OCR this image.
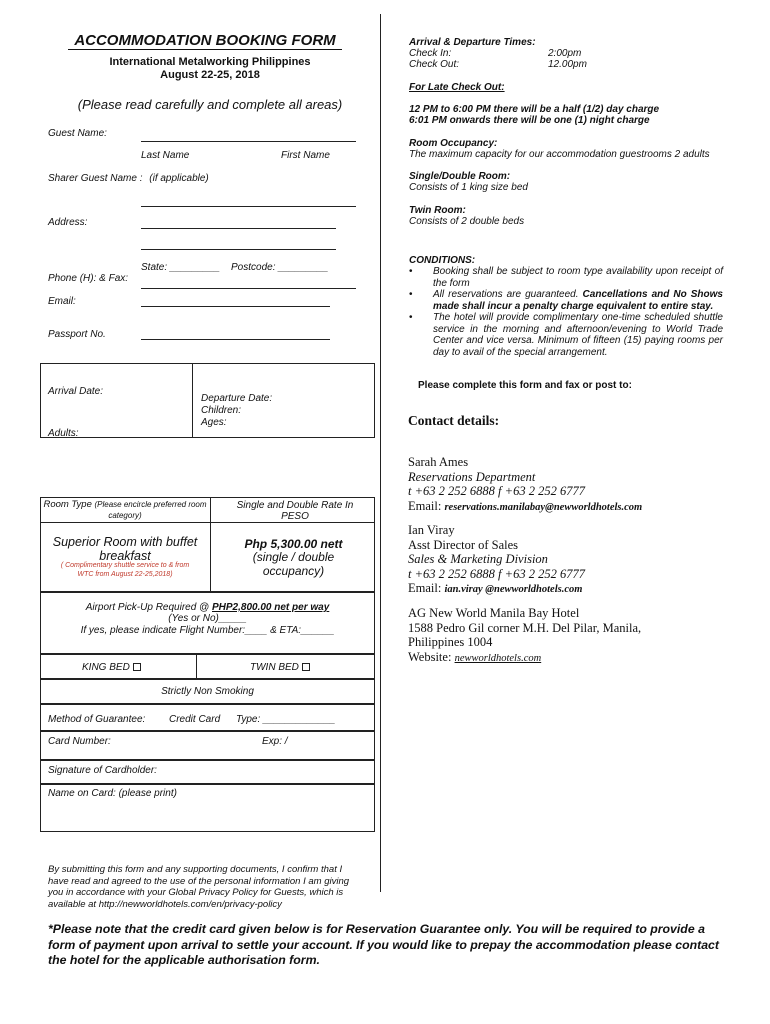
ACCOMMODATION BOOKING FORM
International Metalworking Philippines
August 22-25, 2018
(Please read carefully and complete all areas)
Guest Name:
Last Name	First Name
Sharer Guest Name : (if applicable)
Address:
State: _________ Postcode: _________
Phone (H): & Fax:
Email:
Passport No.
Arrival Date:
Adults:
Departure Date:
Children:
Ages:
Room Type (Please encircle preferred room category)
Single and Double Rate In PESO
Superior Room with buffet breakfast
( Complimentary shuttle service to & from WTC from August 22-25,2018)
Php 5,300.00 nett
(single / double occupancy)
Airport Pick-Up Required @ PHP2,800.00 net per way
(Yes or No)_____
If yes, please indicate Flight Number:____ & ETA:______
KING BED	TWIN BED
Strictly Non Smoking
Method of Guarantee: Credit Card Type: _____________
Card Number:	Exp: /
Signature of Cardholder:
Name on Card: (please print)
By submitting this form and any supporting documents, I confirm that I have read and agreed to the use of the personal information I am giving you in accordance with your Global Privacy Policy for Guests, which is available at http://newworldhotels.com/en/privacy-policy
*Please note that the credit card given below is for Reservation Guarantee only. You will be required to provide a form of payment upon arrival to settle your account. If you would like to prepay the accommodation please contact the hotel for the applicable authorisation form.
Arrival & Departure Times:
Check In:	2:00pm
Check Out:	12.00pm
For Late Check Out:
12 PM to 6:00 PM there will be a half (1/2) day charge
6:01 PM onwards there will be one (1) night charge
Room Occupancy:
The maximum capacity for our accommodation guestrooms 2 adults
Single/Double Room:
Consists of 1 king size bed
Twin Room:
Consists of 2 double beds
CONDITIONS:
• Booking shall be subject to room type availability upon receipt of the form
• All reservations are guaranteed. Cancellations and No Shows made shall incur a penalty charge equivalent to entire stay.
• The hotel will provide complimentary one-time scheduled shuttle service in the morning and afternoon/evening to World Trade Center and vice versa. Minimum of fifteen (15) paying rooms per day to avail of the special arrangement.
Please complete this form and fax or post to:
Contact details:
Sarah Ames
Reservations Department
t +63 2 252 6888 f +63 2 252 6777
Email: reservations.manilabay@newworldhotels.com
Ian Viray
Asst Director of Sales
Sales & Marketing Division
t +63 2 252 6888 f +63 2 252 6777
Email: ian.viray @newworldhotels.com
AG New World Manila Bay Hotel
1588 Pedro Gil corner M.H. Del Pilar, Manila,
Philippines 1004
Website: newworldhotels.com
